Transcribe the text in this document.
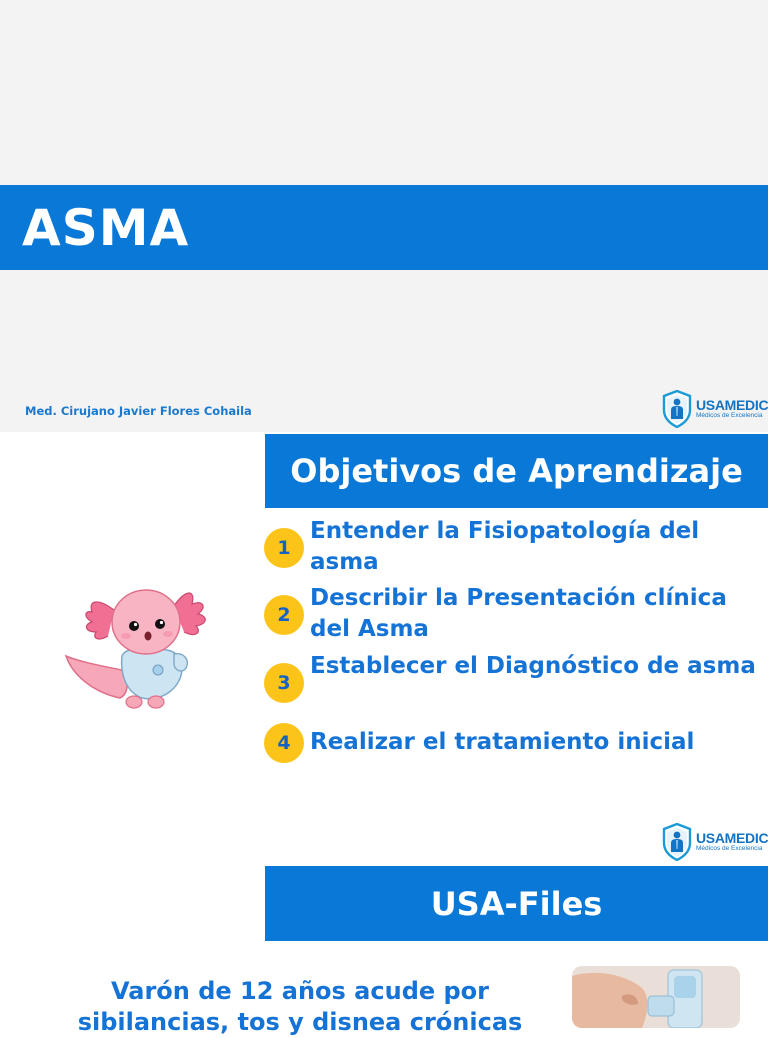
ASMA
Med. Cirujano Javier Flores Cohaila	USAMEDIC
Médicos de Excelencia
Objetivos de Aprendizaje
1
Entender la Fisiopatología del asma
2
Describir la Presentación clínica del Asma
3
Establecer el Diagnóstico de asma
4 Realizar el tratamiento inicial
USAMEDIC
Médicos de Excelencia
USA-Files
Varón de 12 años acude por
sibilancias, tos y disnea crónicas
